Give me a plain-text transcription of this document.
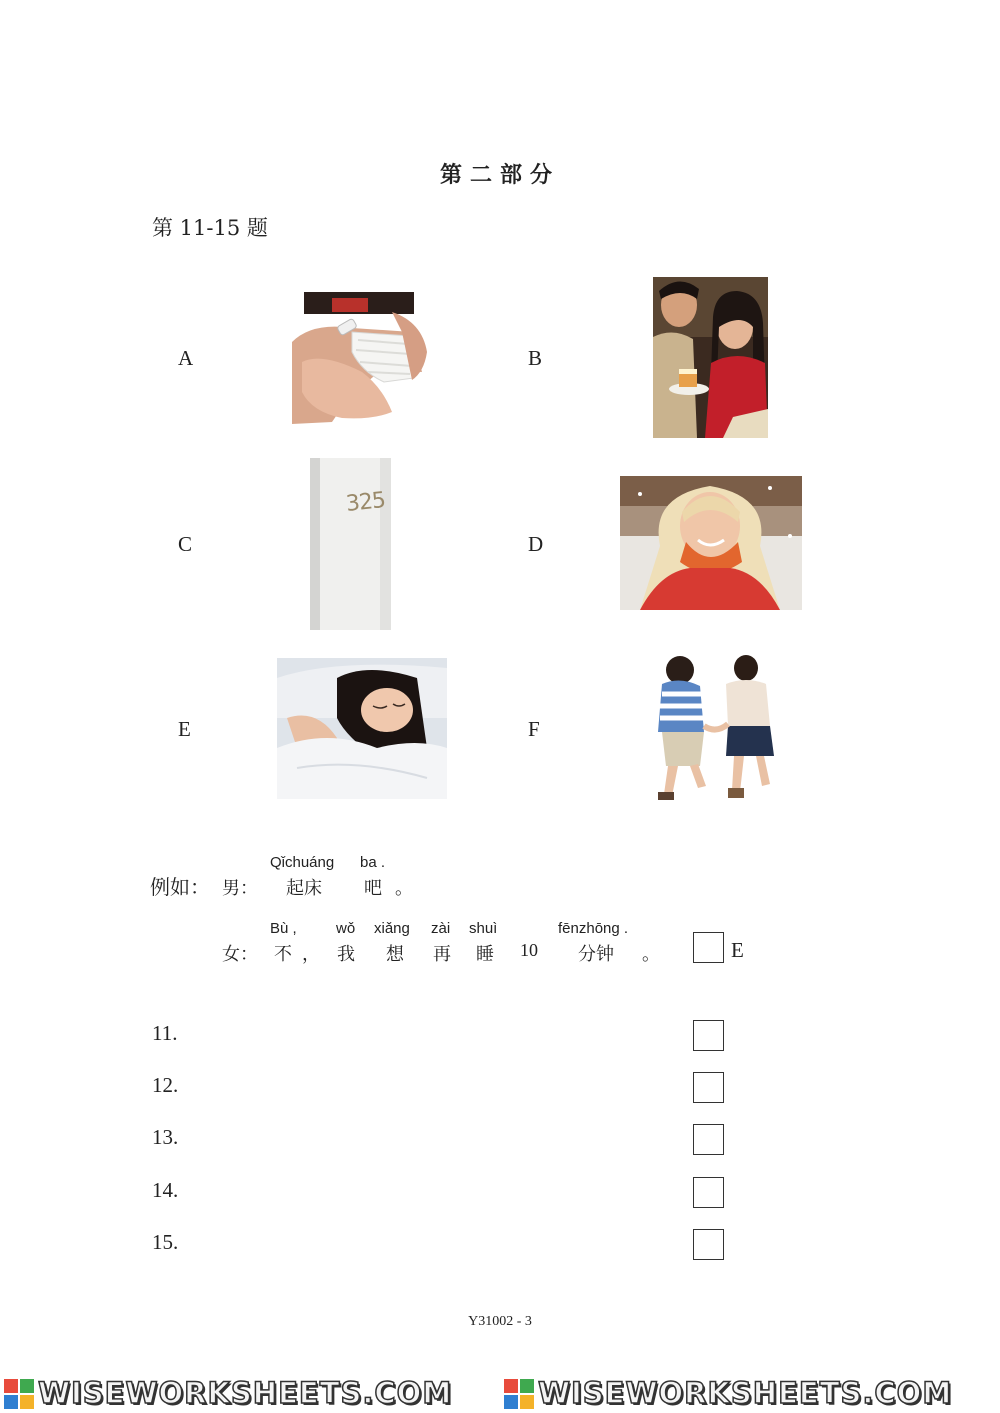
第二部分
第 11-15 题
A	B
C	D
E	F
325
例如： 男：
Qǐchuáng ba .
起床 吧 。
女：
Bù ,	wǒ xiǎng zài shuì	fēnzhōng .
不 ， 我 想 再 睡 10 分钟 。	E
11.
12.
13.
14.
15.
Y31002 - 3
WISEWORKSHEETS.COM	WISEWORKSHEETS.COM
